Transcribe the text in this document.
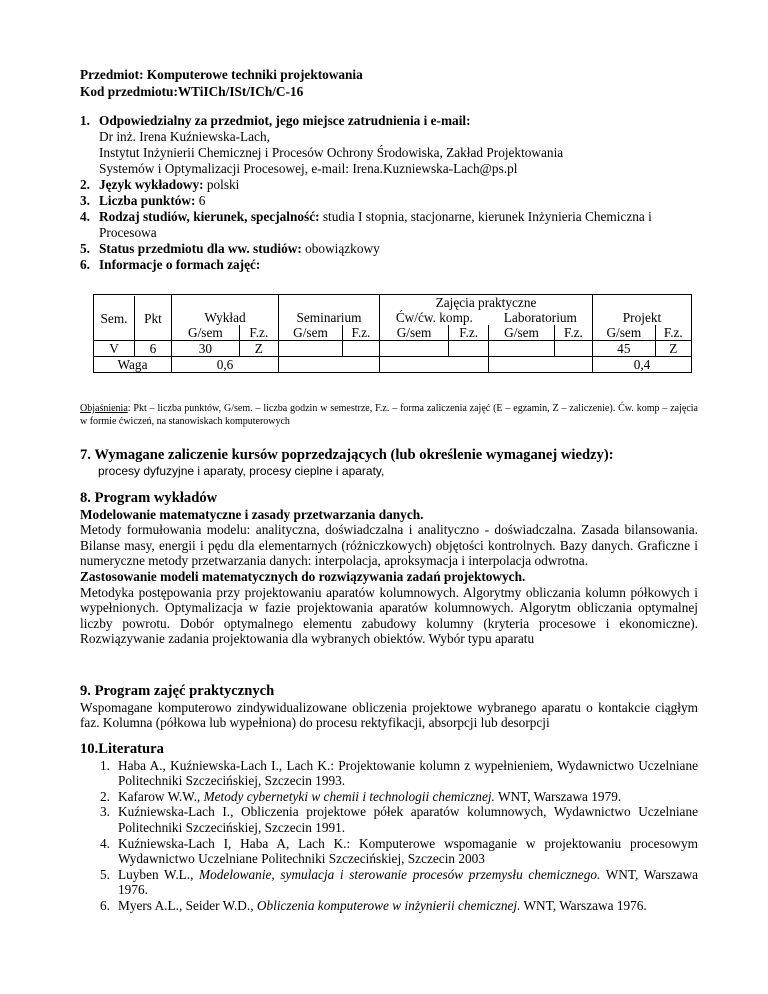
Przedmiot: Komputerowe techniki projektowania
Kod przedmiotu:WTiICh/ISt/ICh/C-16
1. Odpowiedzialny za przedmiot, jego miejsce zatrudnienia i e-mail:
Dr inż. Irena Kuźniewska-Lach,
Instytut Inżynierii Chemicznej i Procesów Ochrony Środowiska, Zakład Projektowania
Systemów i Optymalizacji Procesowej, e-mail: Irena.Kuzniewska-Lach@ps.pl
2. Język wykładowy: polski
3. Liczba punktów: 6
4. Rodzaj studiów, kierunek, specjalność: studia I stopnia, stacjonarne, kierunek Inżynieria Chemiczna i Procesowa
5. Status przedmiotu dla ww. studiów: obowiązkowy
6. Informacje o formach zajęć:
Sem.	Pkt
			Zajęcia praktyczne	
Wykład	Seminarium	Ćw/ćw. komp.	Laboratorium	Projekt
G/sem	F.z.	G/sem	F.z.	G/sem	F.z.	G/sem	F.z.	G/sem	F.z.
V	6	30	Z							45	Z
Waga	0,6				0,4
Objaśnienia: Pkt – liczba punktów, G/sem. – liczba godzin w semestrze, F.z. – forma zaliczenia zajęć (E – egzamin, Z – zaliczenie). Ćw. komp – zajęcia w formie ćwiczeń, na stanowiskach komputerowych
7. Wymagane zaliczenie kursów poprzedzających (lub określenie wymaganej wiedzy):
procesy dyfuzyjne i aparaty, procesy cieplne i aparaty,
8. Program wykładów
Modelowanie matematyczne i zasady przetwarzania danych.
Metody formułowania modelu: analityczna, doświadczalna i analityczno - doświadczalna. Zasada bilansowania. Bilanse masy, energii i pędu dla elementarnych (różniczkowych) objętości kontrolnych. Bazy danych. Graficzne i numeryczne metody przetwarzania danych: interpolacja, aproksymacja i interpolacja odwrotna.
Zastosowanie modeli matematycznych do rozwiązywania zadań projektowych.
Metodyka postępowania przy projektowaniu aparatów kolumnowych. Algorytmy obliczania kolumn półkowych i wypełnionych. Optymalizacja w fazie projektowania aparatów kolumnowych. Algorytm obliczania optymalnej liczby powrotu. Dobór optymalnego elementu zabudowy kolumny (kryteria procesowe i ekonomiczne). Rozwiązywanie zadania projektowania dla wybranych obiektów. Wybór typu aparatu
9. Program zajęć praktycznych
Wspomagane komputerowo zindywidualizowane obliczenia projektowe wybranego aparatu o kontakcie ciągłym faz. Kolumna (półkowa lub wypełniona) do procesu rektyfikacji, absorpcji lub desorpcji
10.Literatura
1. Haba A., Kuźniewska-Lach I., Lach K.: Projektowanie kolumn z wypełnieniem, Wydawnictwo Uczelniane Politechniki Szczecińskiej, Szczecin 1993.
2. Kafarow W.W., Metody cybernetyki w chemii i technologii chemicznej. WNT, Warszawa 1979.
3. Kuźniewska-Lach I., Obliczenia projektowe półek aparatów kolumnowych, Wydawnictwo Uczelniane Politechniki Szczecińskiej, Szczecin 1991.
4. Kuźniewska-Lach I, Haba A, Lach K.: Komputerowe wspomaganie w projektowaniu procesowym Wydawnictwo Uczelniane Politechniki Szczecińskiej, Szczecin 2003
5. Luyben W.L., Modelowanie, symulacja i sterowanie procesów przemysłu chemicznego. WNT, Warszawa 1976.
6. Myers A.L., Seider W.D., Obliczenia komputerowe w inżynierii chemicznej. WNT, Warszawa 1976.
